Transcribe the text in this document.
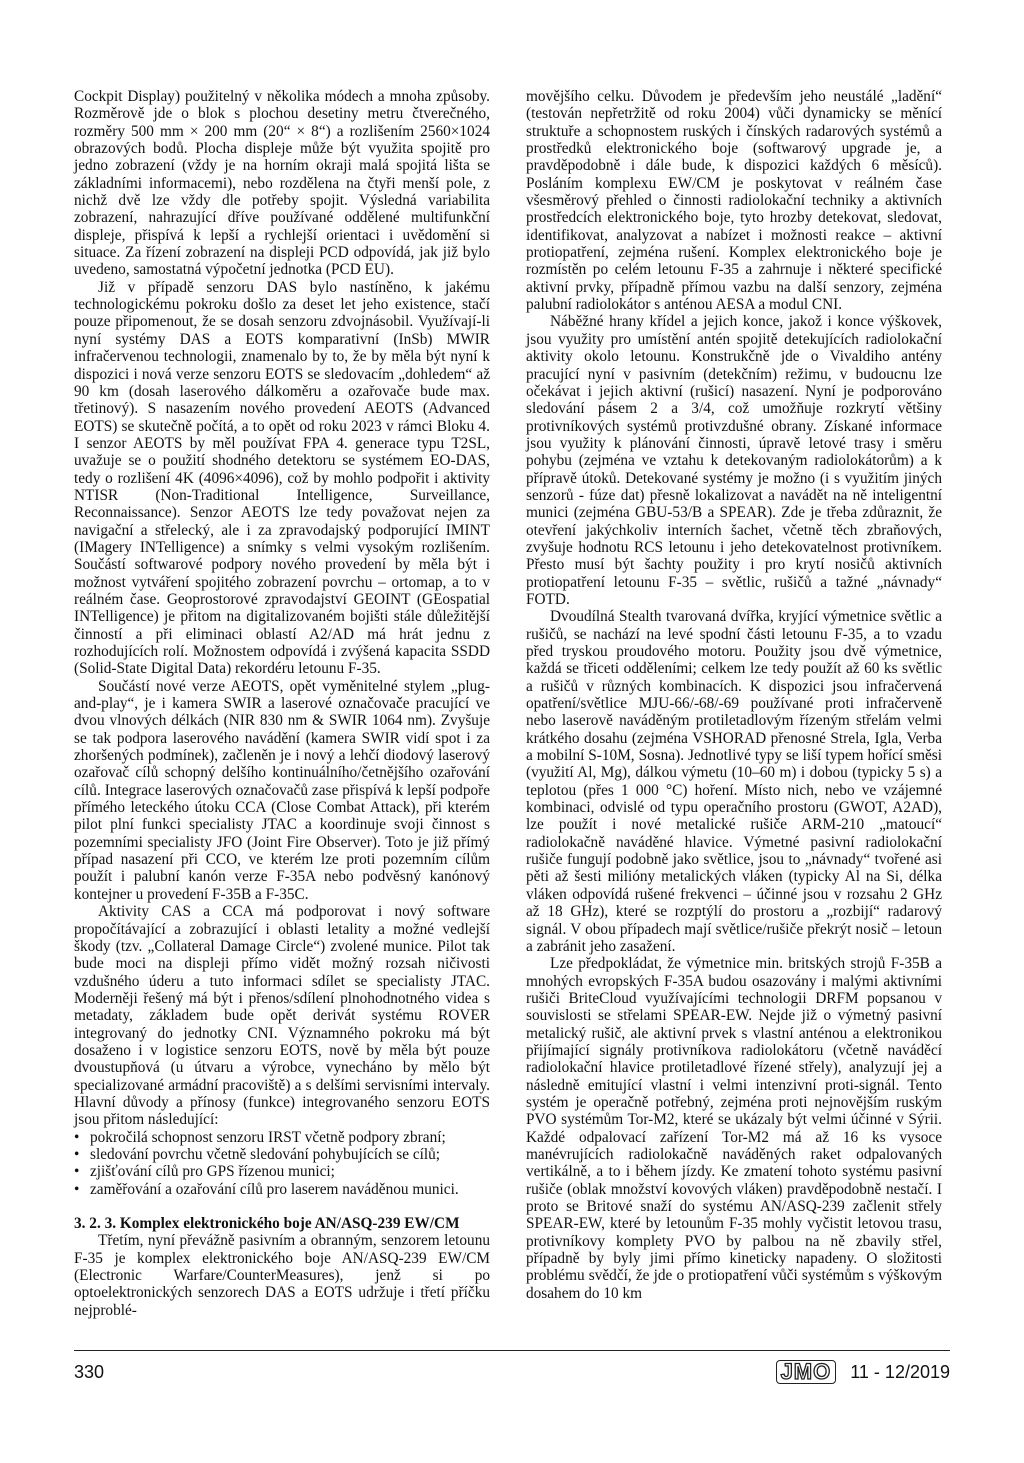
Cockpit Display) použitelný v několika módech a mnoha způsoby. Rozměrově jde o blok s plochou desetiny metru čtverečného, rozměry 500 mm × 200 mm (20“ × 8“) a rozlišením 2560×1024 obrazových bodů. Plocha displeje může být využita spojitě pro jedno zobrazení (vždy je na horním okraji malá spojitá lišta se základními informacemi), nebo rozdělena na čtyři menší pole, z nichž dvě lze vždy dle potřeby spojit. Výsledná variabilita zobrazení, nahrazující dříve používané oddělené multifunkční displeje, přispívá k lepší a rychlejší orientaci i uvědomění si situace. Za řízení zobrazení na displeji PCD odpovídá, jak již bylo uvedeno, samostatná výpočetní jednotka (PCD EU).

Již v případě senzoru DAS bylo nastíněno, k jakému technologickému pokroku došlo za deset let jeho existence, stačí pouze připomenout, že se dosah senzoru zdvojnásobil. Využívají-li nyní systémy DAS a EOTS komparativní (InSb) MWIR infračervenou technologii, znamenalo by to, že by měla být nyní k dispozici i nová verze senzoru EOTS se sledovacím „dohledem“ až 90 km (dosah laserového dálkoměru a ozařovače bude max. třetinový). S nasazením nového provedení AEOTS (Advanced EOTS) se skutečně počítá, a to opět od roku 2023 v rámci Bloku 4. I senzor AEOTS by měl používat FPA 4. generace typu T2SL, uvažuje se o použití shodného detektoru se systémem EO-DAS, tedy o rozlišení 4K (4096×4096), což by mohlo podpořit i aktivity NTISR (Non-Traditional Intelligence, Surveillance, Reconnaissance). Senzor AEOTS lze tedy považovat nejen za navigační a střelecký, ale i za zpravodajský podporující IMINT (IMagery INTelligence) a snímky s velmi vysokým rozlišením. Součástí softwarové podpory nového provedení by měla být i možnost vytváření spojitého zobrazení povrchu – ortomap, a to v reálném čase. Geoprostorové zpravodajství GEOINT (GEospatial INTelligence) je přitom na digitalizovaném bojišti stále důležitější činností a při eliminaci oblastí A2/AD má hrát jednu z rozhodujících rolí. Možnostem odpovídá i zvýšená kapacita SSDD (Solid-State Digital Data) rekordéru letounu F-35.

Součástí nové verze AEOTS, opět vyměnitelné stylem „plug-and-play“, je i kamera SWIR a laserové označovače pracující ve dvou vlnových délkách (NIR 830 nm & SWIR 1064 nm). Zvyšuje se tak podpora laserového navádění (kamera SWIR vidí spot i za zhoršených podmínek), začleněn je i nový a lehčí diodový laserový ozařovač cílů schopný delšího kontinuálního/četnějšího ozařování cílů. Integrace laserových označovačů zase přispívá k lepší podpoře přímého leteckého útoku CCA (Close Combat Attack), při kterém pilot plní funkci specialisty JTAC a koordinuje svoji činnost s pozemními specialisty JFO (Joint Fire Observer). Toto je již přímý případ nasazení při CCO, ve kterém lze proti pozemním cílům použít i palubní kanón verze F-35A nebo podvěsný kanónový kontejner u provedení F-35B a F-35C.

Aktivity CAS a CCA má podporovat i nový software propočítávající a zobrazující i oblasti letality a možné vedlejší škody (tzv. „Collateral Damage Circle“) zvolené munice. Pilot tak bude moci na displeji přímo vidět možný rozsah ničivosti vzdušného úderu a tuto informaci sdílet se specialisty JTAC. Moderněji řešený má být i přenos/sdílení plnohodnotného videa s metadaty, základem bude opět derivát systému ROVER integrovaný do jednotky CNI. Významného pokroku má být dosaženo i v logistice senzoru EOTS, nově by měla být pouze dvoustupňová (u útvaru a výrobce, vynecháno by mělo být specializované armádní pracoviště) a s delšími servisními intervaly. Hlavní důvody a přínosy (funkce) integrovaného senzoru EOTS jsou přitom následující:

• pokročilá schopnost senzoru IRST včetně podpory zbraní;
• sledování povrchu včetně sledování pohybujících se cílů;
• zjišťování cílů pro GPS řízenou munici;
• zaměřování a ozařování cílů pro laserem naváděnou munici.
3. 2. 3. Komplex elektronického boje AN/ASQ-239 EW/CM

Třetím, nyní převážně pasivním a obranným, senzorem letounu F-35 je komplex elektronického boje AN/ASQ-239 EW/CM (Electronic Warfare/CounterMeasures), jenž si po optoelektronických senzorech DAS a EOTS udržuje i třetí příčku nejproblé-

movějšího celku. Důvodem je především jeho neustálé „ladění“ (testován nepřetržitě od roku 2004) vůči dynamicky se měnící struktuře a schopnostem ruských i čínských radarových systémů a prostředků elektronického boje (softwarový upgrade je, a pravděpodobně i dále bude, k dispozici každých 6 měsíců). Posláním komplexu EW/CM je poskytovat v reálném čase všesměrový přehled o činnosti radiolokační techniky a aktivních prostředcích elektronického boje, tyto hrozby detekovat, sledovat, identifikovat, analyzovat a nabízet i možnosti reakce – aktivní protiopatření, zejména rušení. Komplex elektronického boje je rozmístěn po celém letounu F-35 a zahrnuje i některé specifické aktivní prvky, případně přímou vazbu na další senzory, zejména palubní radiolokátor s anténou AESA a modul CNI.

Náběžné hrany křídel a jejich konce, jakož i konce výškovek, jsou využity pro umístění antén spojitě detekujících radiolokační aktivity okolo letounu. Konstrukčně jde o Vivaldiho antény pracující nyní v pasivním (detekčním) režimu, v budoucnu lze očekávat i jejich aktivní (rušicí) nasazení. Nyní je podporováno sledování pásem 2 a 3/4, což umožňuje rozkrytí většiny protivníkových systémů protivzdušné obrany. Získané informace jsou využity k plánování činnosti, úpravě letové trasy i směru pohybu (zejména ve vztahu k detekovaným radiolokátorům) a k přípravě útoků. Detekované systémy je možno (i s využitím jiných senzorů - fúze dat) přesně lokalizovat a navádět na ně inteligentní munici (zejména GBU-53/B a SPEAR). Zde je třeba zdůraznit, že otevření jakýchkoliv interních šachet, včetně těch zbraňových, zvyšuje hodnotu RCS letounu i jeho detekovatelnost protivníkem. Přesto musí být šachty použity i pro krytí nosičů aktivních protiopatření letounu F-35 – světlic, rušičů a tažné „návnady“ FOTD.

Dvoudílná Stealth tvarovaná dvířka, kryjící výmetnice světlic a rušičů, se nachází na levé spodní části letounu F-35, a to vzadu před tryskou proudového motoru. Použity jsou dvě výmetnice, každá se třiceti odděleními; celkem lze tedy použít až 60 ks světlic a rušičů v různých kombinacích. K dispozici jsou infračervená opatření/světlice MJU-66/-68/-69 používané proti infračerveně nebo laserově naváděným protiletadlovým řízeným střelám velmi krátkého dosahu (zejména VSHORAD přenosné Strela, Igla, Verba a mobilní S-10M, Sosna). Jednotlivé typy se liší typem hořící směsi (využití Al, Mg), dálkou výmetu (10–60 m) i dobou (typicky 5 s) a teplotou (přes 1 000 °C) hoření. Místo nich, nebo ve vzájemné kombinaci, odvislé od typu operačního prostoru (GWOT, A2AD), lze použít i nové metalické rušiče ARM-210 „matoucí“ radiolokačně naváděné hlavice. Výmetné pasivní radiolokační rušiče fungují podobně jako světlice, jsou to „návnady“ tvořené asi pěti až šesti milióny metalických vláken (typicky Al na Si, délka vláken odpovídá rušené frekvenci – účinné jsou v rozsahu 2 GHz až 18 GHz), které se rozptýlí do prostoru a „rozbijí“ radarový signál. V obou případech mají světlice/rušiče překrýt nosič – letoun a zabránit jeho zasažení.

Lze předpokládat, že výmetnice min. britských strojů F-35B a mnohých evropských F-35A budou osazovány i malými aktivními rušiči BriteCloud využívajícími technologii DRFM popsanou v souvislosti se střelami SPEAR-EW. Nejde již o výmetný pasivní metalický rušič, ale aktivní prvek s vlastní anténou a elektronikou přijímající signály protivníkova radiolokátoru (včetně naváděcí radiolokační hlavice protiletadlové řízené střely), analyzují jej a následně emitující vlastní i velmi intenzivní proti-signál. Tento systém je operačně potřebný, zejména proti nejnovějším ruským PVO systémům Tor-M2, které se ukázaly být velmi účinné v Sýrii. Každé odpalovací zařízení Tor-M2 má až 16 ks vysoce manévrujících radiolokačně naváděných raket odpalovaných vertikálně, a to i během jízdy. Ke zmatení tohoto systému pasivní rušiče (oblak množství kovových vláken) pravděpodobně nestačí. I proto se Britové snaží do systému AN/ASQ-239 začlenit střely SPEAR-EW, které by letounům F-35 mohly vyčistit letovou trasu, protivníkovy komplety PVO by palbou na ně zbavily střel, případně by byly jimi přímo kineticky napadeny. O složitosti problému svědčí, že jde o protiopatření vůči systémům s výškovým dosahem do 10 km

330	JMO 11 - 12/2019
